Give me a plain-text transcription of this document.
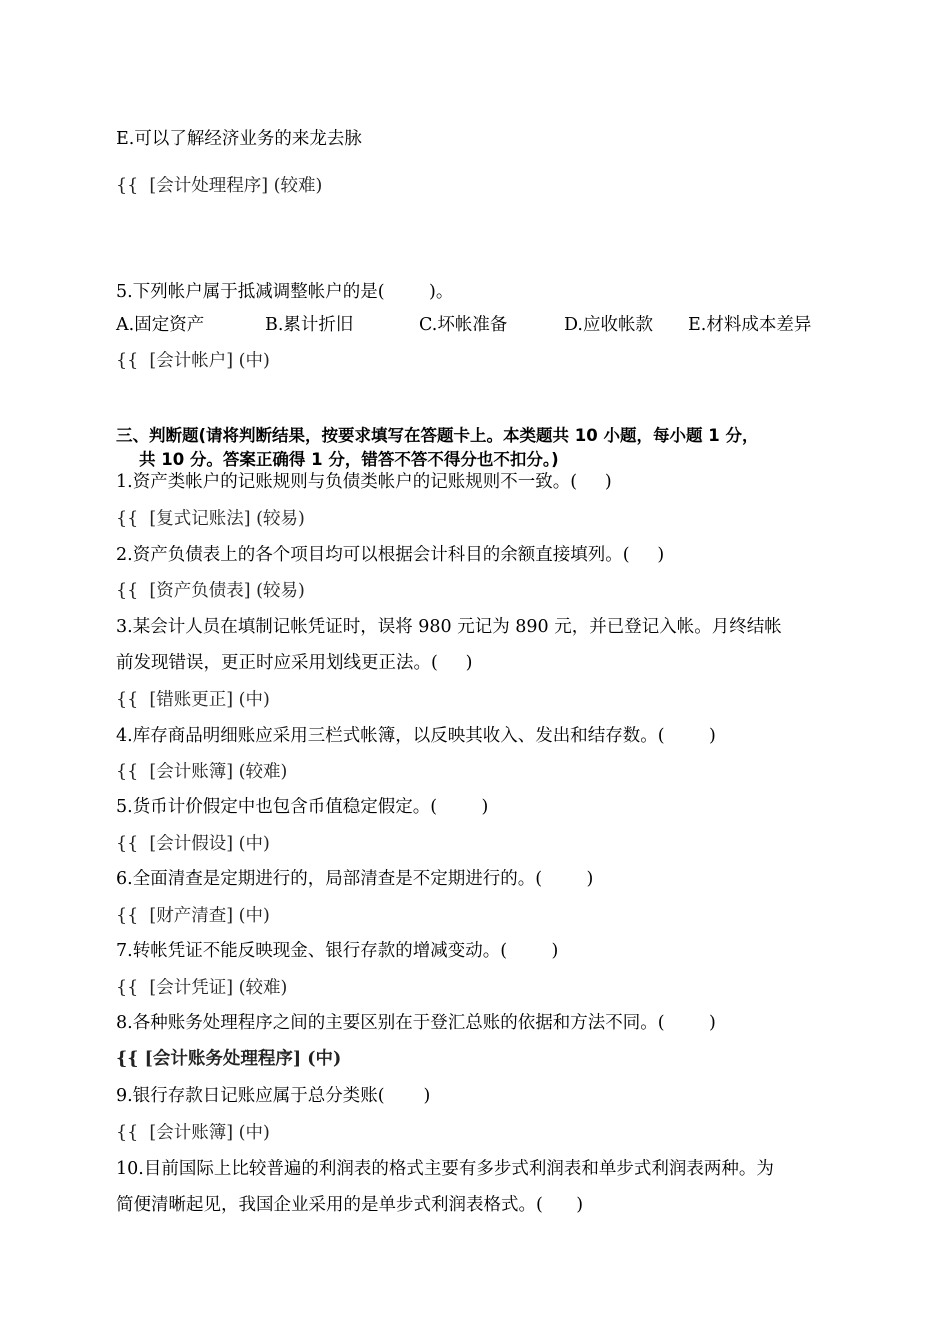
E.可以了解经济业务的来龙去脉
{{  [会计处理程序] (较难)
5.下列帐户属于抵减调整帐户的是(        )。
A.固定资产	B.累计折旧	C.坏帐准备	D.应收帐款 E.材料成本差异
{{  [会计帐户] (中)
三、判断题(请将判断结果，按要求填写在答题卡上。本类题共 10 小题，每小题 1 分，
共 10 分。答案正确得 1 分，错答不答不得分也不扣分。)
1.资产类帐户的记账规则与负债类帐户的记账规则不一致。(     )
{{  [复式记账法] (较易)
2.资产负债表上的各个项目均可以根据会计科目的余额直接填列。(     )
{{  [资产负债表] (较易)
3.某会计人员在填制记帐凭证时，误将 980 元记为 890 元，并已登记入帐。月终结帐
前发现错误，更正时应采用划线更正法。(     )
{{  [错账更正] (中)
4.库存商品明细账应采用三栏式帐簿，以反映其收入、发出和结存数。(        )
{{  [会计账簿] (较难)
5.货币计价假定中也包含币值稳定假定。(        )
{{  [会计假设] (中)
6.全面清查是定期进行的，局部清查是不定期进行的。(        )
{{  [财产清查] (中)
7.转帐凭证不能反映现金、银行存款的增减变动。(        )
{{  [会计凭证] (较难)
8.各种账务处理程序之间的主要区别在于登汇总账的依据和方法不同。(        )
{{ [会计账务处理程序] (中)
9.银行存款日记账应属于总分类账(       )
{{  [会计账簿] (中)
10.目前国际上比较普遍的利润表的格式主要有多步式利润表和单步式利润表两种。为
简便清晰起见，我国企业采用的是单步式利润表格式。(      )
